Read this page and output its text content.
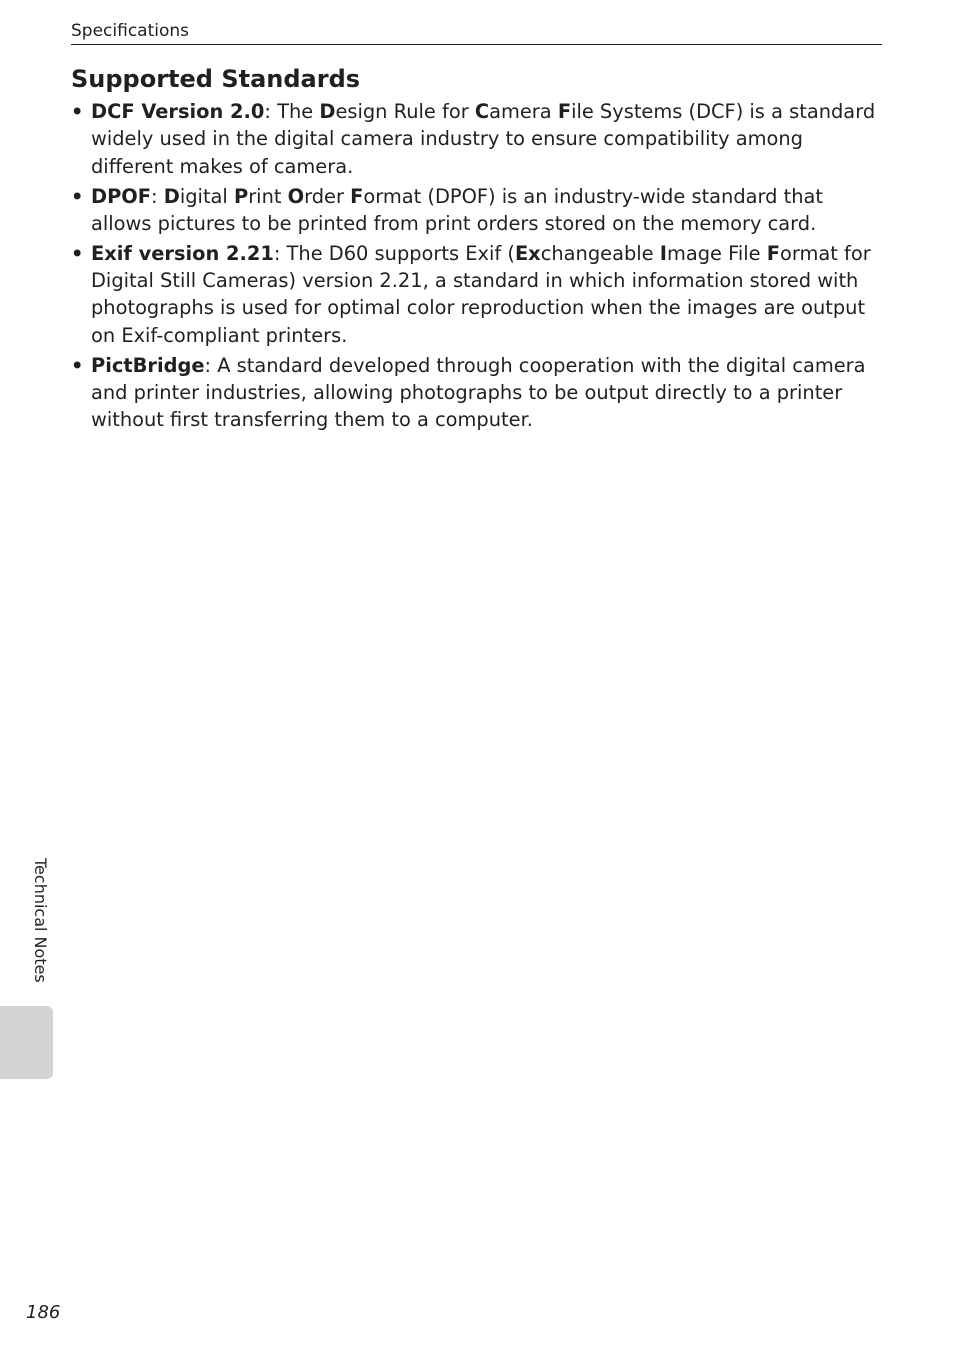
Specifications
Supported Standards
• DCF Version 2.0: The Design Rule for Camera File Systems (DCF) is a standard widely used in the digital camera industry to ensure compatibility among different makes of camera.
• DPOF: Digital Print Order Format (DPOF) is an industry-wide standard that allows pictures to be printed from print orders stored on the memory card.
• Exif version 2.21: The D60 supports Exif (Exchangeable Image File Format for Digital Still Cameras) version 2.21, a standard in which information stored with photographs is used for optimal color reproduction when the images are output on Exif-compliant printers.
• PictBridge: A standard developed through cooperation with the digital camera and printer industries, allowing photographs to be output directly to a printer without first transferring them to a computer.
Technical Notes
186
